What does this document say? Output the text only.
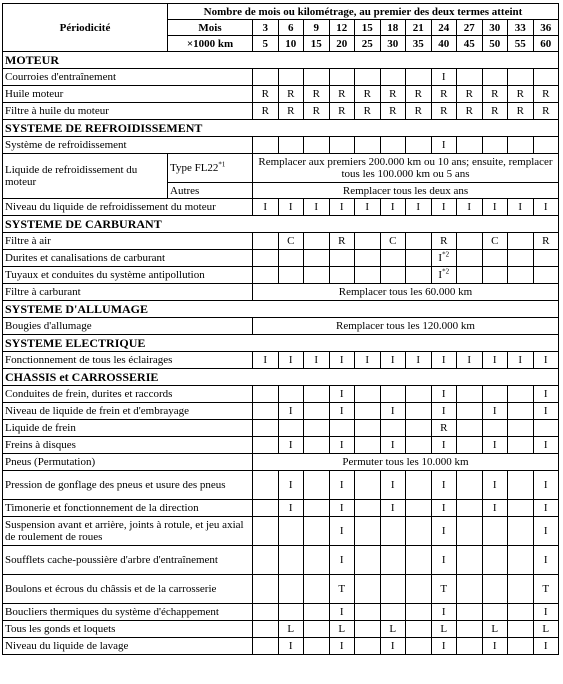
Périodicité	Nombre de mois ou kilométrage, au premier des deux termes atteint												
	Mois	3	6	9	12	15	18	21	24	27	30	33	36
	×1000 km	5	10	15	20	25	30	35	40	45	50	55	60
MOTEUR													
Courroies d'entraînement									I				
Huile moteur		R	R	R	R	R	R	R	R	R	R	R	R
Filtre à huile du moteur		R	R	R	R	R	R	R	R	R	R	R	R
SYSTEME DE REFROIDISSEMENT													
Système de refroidissement									I				
Liquide de refroidissement du moteur	Type FL22$^{*1}$	Remplacer aux premiers 200.000 km ou 10 ans; ensuite, remplacer tous les 100.000 km ou 5 ans											
	Autres	Remplacer tous les deux ans											
Niveau du liquide de refroidissement du moteur		I	I	I	I	I	I	I	I	I	I	I	I
SYSTEME DE CARBURANT													
Filtre à air			C		R		C		R		C		R
Durites et canalisations de carburant									$I^{*2}$				
Tuyaux et conduites du système antipollution									$I^{*2}$				
Filtre à carburant		Remplacer tous les 60.000 km											
SYSTEME D'ALLUMAGE													
Bougies d'allumage		Remplacer tous les 120.000 km											
SYSTEME ELECTRIQUE													
Fonctionnement de tous les éclairages		I	I	I	I	I	I	I	I	I	I	I	I
CHASSIS et CARROSSERIE													
Conduites de frein, durites et raccords					I				I				I
Niveau de liquide de frein et d'embrayage			I		I		I		I		I		I
Liquide de frein									R				
Freins à disques			I		I		I		I		I		I
Pneus (Permutation)		Permuter tous les 10.000 km											
Pression de gonflage des pneus et usure des pneus			I		I		I		I		I		I
Timonerie et fonctionnement de la direction			I		I		I		I		I		I
Suspension avant et arrière, joints à rotule, et jeu axial de roulement de roues					I				I				I
Soufflets cache-poussière d'arbre d'entraînement					I				I				I
Boulons et écrous du châssis et de la carrosserie					T				T				T
Boucliers thermiques du système d'échappement					I				I				I
Tous les gonds et loquets			L		L		L		L		L		L
Niveau du liquide de lavage			I		I		I		I		I		I
